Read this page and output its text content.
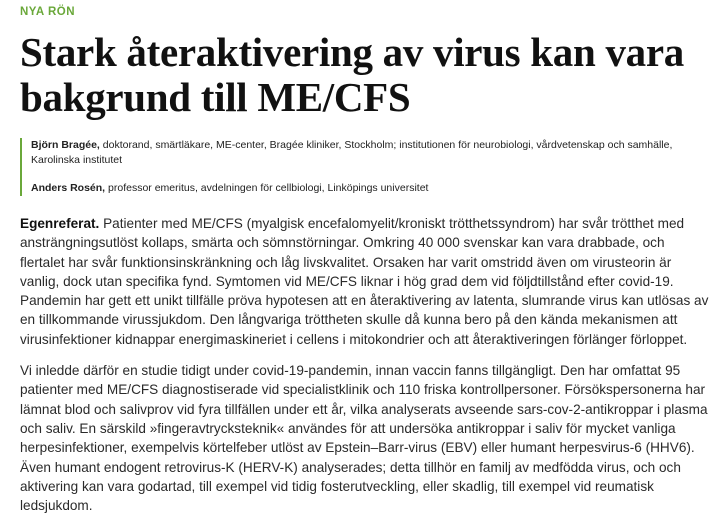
NYA RÖN
Stark återaktivering av virus kan vara bakgrund till ME/CFS

Björn Bragée, doktorand, smärtläkare, ME-center, Bragée kliniker, Stockholm; institutionen för neurobiologi, vårdvetenskap och samhälle, Karolinska institutet

Anders Rosén, professor emeritus, avdelningen för cellbiologi, Linköpings universitet

Egenreferat. Patienter med ME/CFS (myalgisk encefalomyelit/kroniskt trötthetssyndrom) har svår trötthet med ansträngningsutlöst kollaps, smärta och sömnstörningar. Omkring 40 000 svenskar kan vara drabbade, och flertalet har svår funktionsinskränkning och låg livskvalitet. Orsaken har varit omstridd även om virusteorin är vanlig, dock utan specifika fynd. Symtomen vid ME/CFS liknar i hög grad dem vid följdtillstånd efter covid-19. Pandemin har gett ett unikt tillfälle pröva hypotesen att en återaktivering av latenta, slumrande virus kan utlösas av en tillkommande virussjukdom. Den långvariga tröttheten skulle då kunna bero på den kända mekanismen att virusinfektioner kidnappar energimaskineriet i cellens i mitokondrier och att återaktiveringen förlänger förloppet.

Vi inledde därför en studie tidigt under covid-19-pandemin, innan vaccin fanns tillgängligt. Den har omfattat 95 patienter med ME/CFS diagnostiserade vid specialistklinik och 110 friska kontrollpersoner. Försökspersonerna har lämnat blod och salivprov vid fyra tillfällen under ett år, vilka analyserats avseende sars-cov-2-antikroppar i plasma och saliv. En särskild »fingeravtrycksteknik« användes för att undersöka antikroppar i saliv för mycket vanliga herpesinfektioner, exempelvis körtelfeber utlöst av Epstein–Barr-virus (EBV) eller humant herpesvirus-6 (HHV6). Även humant endogent retrovirus-K (HERV-K) analyserades; detta tillhör en familj av medfödda virus, och och aktivering kan vara godartad, till exempel vid tidig fosterutveckling, eller skadlig, till exempel vid reumatisk ledsjukdom.
